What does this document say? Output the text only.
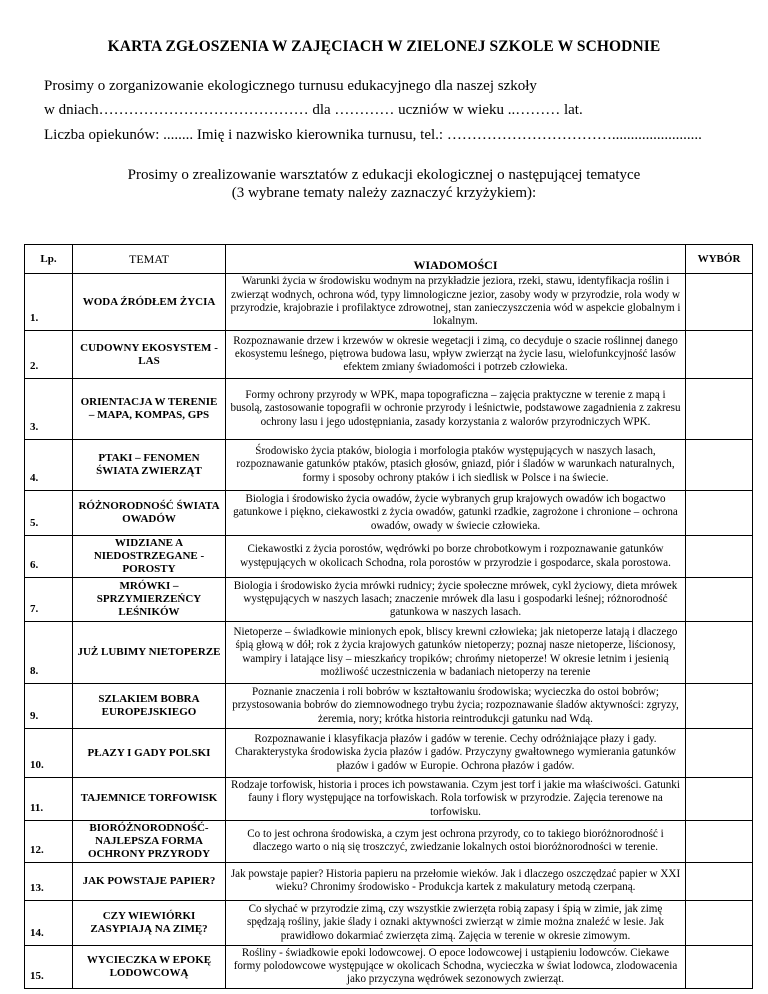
KARTA ZGŁOSZENIA W ZAJĘCIACH W ZIELONEJ SZKOLE W SCHODNIE
Prosimy o zorganizowanie ekologicznego turnusu edukacyjnego dla naszej szkoły
w dniach…………………………………… dla ………… uczniów w wieku ..……… lat.
Liczba opiekunów: ........ Imię i nazwisko kierownika turnusu, tel.: ……………………………........................
Prosimy o zrealizowanie warsztatów z edukacji ekologicznej o następującej tematyce
(3 wybrane tematy należy zaznaczyć krzyżykiem):
Lp.	TEMAT	WIADOMOŚCI	WYBÓR
1.	WODA ŹRÓDŁEM ŻYCIA	Warunki życia w środowisku wodnym na przykładzie jeziora, rzeki, stawu, identyfikacja roślin i zwierząt wodnych, ochrona wód, typy limnologiczne jezior, zasoby wody w przyrodzie, rola wody w przyrodzie, krajobrazie i profilaktyce zdrowotnej, stan zanieczyszczenia wód w aspekcie globalnym i lokalnym.	
2.	CUDOWNY EKOSYSTEM - LAS	Rozpoznawanie drzew i krzewów w okresie wegetacji i zimą, co decyduje o szacie roślinnej danego ekosystemu leśnego, piętrowa budowa lasu, wpływ zwierząt na życie lasu, wielofunkcyjność lasów efektem zmiany świadomości i potrzeb człowieka.	
3.	ORIENTACJA W TERENIE – MAPA, KOMPAS, GPS	Formy ochrony przyrody w WPK, mapa topograficzna – zajęcia praktyczne w terenie z mapą i busolą, zastosowanie topografii w ochronie przyrody i leśnictwie, podstawowe zagadnienia z zakresu ochrony lasu i jego udostępniania, zasady korzystania z walorów przyrodniczych WPK.	
4.	PTAKI – FENOMEN ŚWIATA ZWIERZĄT	Środowisko życia ptaków, biologia i morfologia ptaków występujących w naszych lasach, rozpoznawanie gatunków ptaków, ptasich głosów, gniazd, piór i śladów w warunkach naturalnych, formy i sposoby ochrony ptaków i ich siedlisk w Polsce i na świecie.	
5.	RÓŻNORODNOŚĆ ŚWIATA OWADÓW	Biologia i środowisko życia owadów, życie wybranych grup krajowych owadów ich bogactwo gatunkowe i piękno, ciekawostki z życia owadów, gatunki rzadkie, zagrożone i chronione – ochrona owadów, owady w świecie człowieka.	
6.	WIDZIANE A NIEDOSTRZEGANE - POROSTY	Ciekawostki z życia porostów, wędrówki po borze chrobotkowym i rozpoznawanie gatunków występujących w okolicach Schodna, rola porostów w przyrodzie i gospodarce, skala porostowa.	
7.	MRÓWKI – SPRZYMIERZEŃCY LEŚNIKÓW	Biologia i środowisko życia mrówki rudnicy; życie społeczne mrówek, cykl życiowy, dieta mrówek występujących w naszych lasach; znaczenie mrówek dla lasu i gospodarki leśnej; różnorodność gatunkowa w naszych lasach.	
8.	JUŻ LUBIMY NIETOPERZE	Nietoperze – świadkowie minionych epok, bliscy krewni człowieka; jak nietoperze latają i dlaczego śpią głową w dół; rok z życia krajowych gatunków nietoperzy; poznaj nasze nietoperze, liścionosy, wampiry i latające lisy – mieszkańcy tropików; chrońmy nietoperze! W okresie letnim i jesienią możliwość uczestniczenia w badaniach nietoperzy na terenie	
9.	SZLAKIEM BOBRA EUROPEJSKIEGO	Poznanie znaczenia i roli bobrów w kształtowaniu środowiska; wycieczka do ostoi bobrów; przystosowania bobrów do ziemnowodnego trybu życia; rozpoznawanie śladów aktywności: zgryzy, żeremia, nory; krótka historia reintrodukcji gatunku nad Wdą.	
10.	PŁAZY I GADY POLSKI	Rozpoznawanie i klasyfikacja płazów i gadów w terenie. Cechy odróżniające płazy i gady. Charakterystyka środowiska życia płazów i gadów. Przyczyny gwałtownego wymierania gatunków płazów i gadów w Europie. Ochrona płazów i gadów.	
11.	TAJEMNICE TORFOWISK	Rodzaje torfowisk, historia i proces ich powstawania. Czym jest torf i jakie ma właściwości. Gatunki fauny i flory występujące na torfowiskach. Rola torfowisk w przyrodzie. Zajęcia terenowe na torfowisku.	
12.	BIORÓŻNORODNOŚĆ-NAJLEPSZA FORMA OCHRONY PRZYRODY	Co to jest ochrona środowiska, a czym jest ochrona przyrody, co to takiego bioróżnorodność i dlaczego warto o nią się troszczyć, zwiedzanie lokalnych ostoi bioróżnorodności w terenie.	
13.	JAK POWSTAJE PAPIER?	Jak powstaje papier? Historia papieru na przełomie wieków. Jak i dlaczego oszczędzać papier w XXI wieku? Chronimy środowisko - Produkcja kartek z makulatury metodą czerpaną.	
14.	CZY WIEWIÓRKI ZASYPIAJĄ NA ZIMĘ?	Co słychać w przyrodzie zimą, czy wszystkie zwierzęta robią zapasy i śpią w zimie, jak zimę spędzają rośliny, jakie ślady i oznaki aktywności zwierząt w zimie można znaleźć w lesie. Jak prawidłowo dokarmiać zwierzęta zimą. Zajęcia w terenie w okresie zimowym.	
15.	WYCIECZKA W EPOKĘ LODOWCOWĄ	Rośliny - świadkowie epoki lodowcowej. O epoce lodowcowej i ustąpieniu lodowców. Ciekawe formy polodowcowe występujące w okolicach Schodna, wycieczka w świat lodowca, zlodowacenia jako przyczyna wędrówek sezonowych zwierząt.	
